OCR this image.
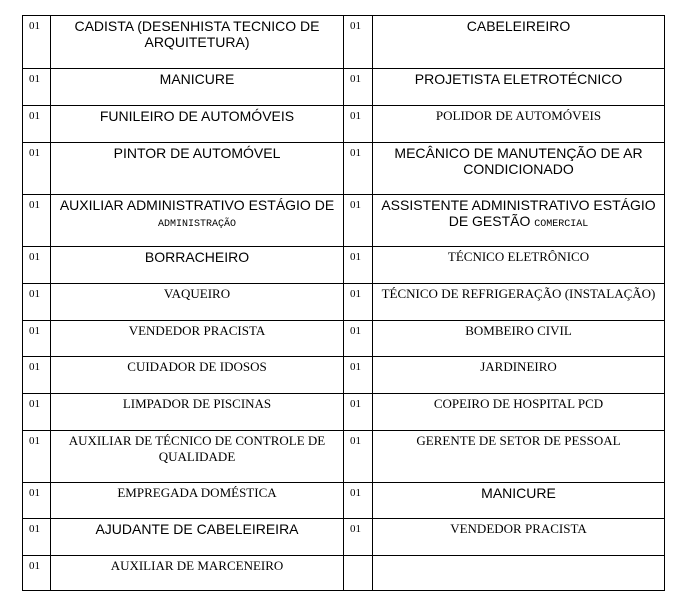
01	CADISTA (DESENHISTA TECNICO DE ARQUITETURA)	01	CABELEIREIRO
01	MANICURE	01	PROJETISTA ELETROTÉCNICO
01	FUNILEIRO DE AUTOMÓVEIS	01	POLIDOR DE AUTOMÓVEIS
01	PINTOR DE AUTOMÓVEL	01	MECÂNICO DE MANUTENÇÃO DE AR CONDICIONADO
01	AUXILIAR ADMINISTRATIVO ESTÁGIO DE ADMINISTRAÇÃO	01	ASSISTENTE ADMINISTRATIVO ESTÁGIO DE GESTÃO COMERCIAL
01	BORRACHEIRO	01	TÉCNICO ELETRÔNICO
01	VAQUEIRO	01	TÉCNICO DE REFRIGERAÇÃO (INSTALAÇÃO)
01	VENDEDOR PRACISTA	01	BOMBEIRO CIVIL
01	CUIDADOR DE IDOSOS	01	JARDINEIRO
01	LIMPADOR DE PISCINAS	01	COPEIRO DE HOSPITAL PCD
01	AUXILIAR DE TÉCNICO DE CONTROLE DE QUALIDADE	01	GERENTE DE SETOR DE PESSOAL
01	EMPREGADA DOMÉSTICA	01	MANICURE
01	AJUDANTE DE CABELEIREIRA	01	VENDEDOR PRACISTA
01	AUXILIAR DE MARCENEIRO		
